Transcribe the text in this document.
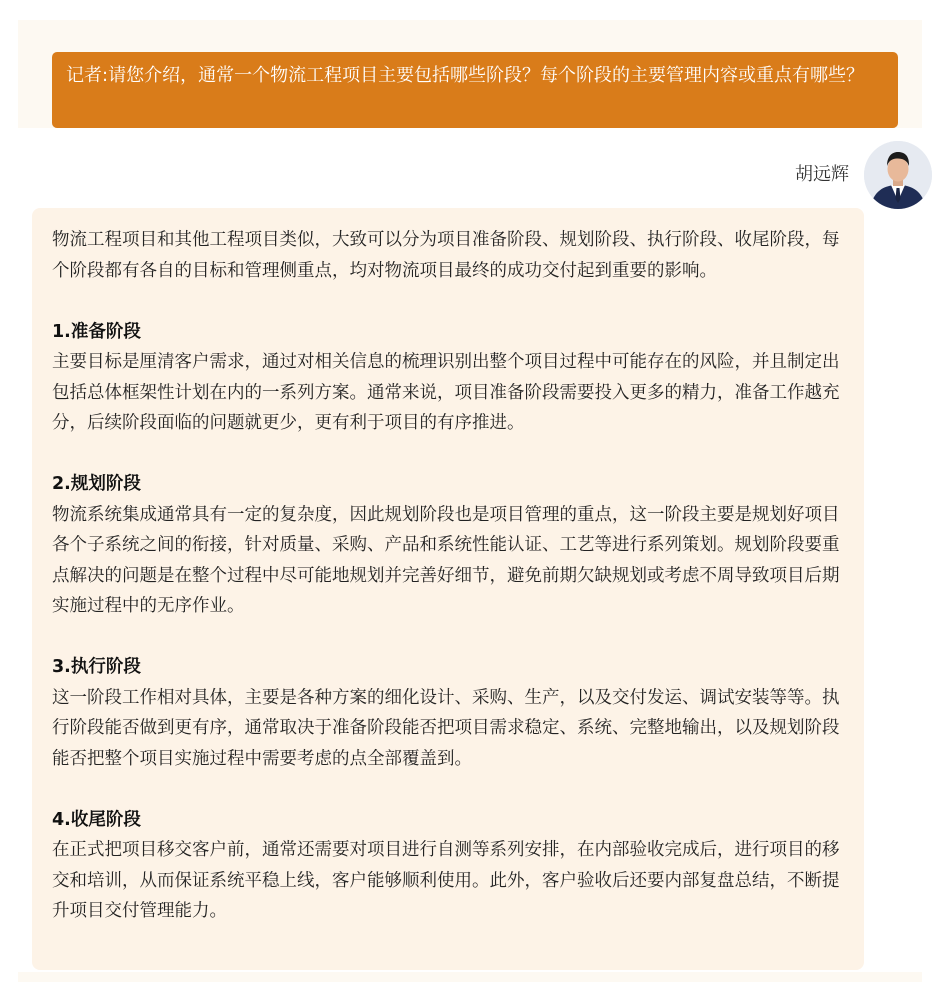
记者:请您介绍，通常一个物流工程项目主要包括哪些阶段？每个阶段的主要管理内容或重点有哪些？
胡远辉

物流工程项目和其他工程项目类似，大致可以分为项目准备阶段、规划阶段、执行阶段、收尾阶段，每个阶段都有各自的目标和管理侧重点，均对物流项目最终的成功交付起到重要的影响。

1.准备阶段

主要目标是厘清客户需求，通过对相关信息的梳理识别出整个项目过程中可能存在的风险，并且制定出包括总体框架性计划在内的一系列方案。通常来说，项目准备阶段需要投入更多的精力，准备工作越充分，后续阶段面临的问题就更少，更有利于项目的有序推进。

2.规划阶段

物流系统集成通常具有一定的复杂度，因此规划阶段也是项目管理的重点，这一阶段主要是规划好项目各个子系统之间的衔接，针对质量、采购、产品和系统性能认证、工艺等进行系列策划。规划阶段要重点解决的问题是在整个过程中尽可能地规划并完善好细节，避免前期欠缺规划或考虑不周导致项目后期实施过程中的无序作业。

3.执行阶段

这一阶段工作相对具体，主要是各种方案的细化设计、采购、生产，以及交付发运、调试安装等等。执行阶段能否做到更有序，通常取决于准备阶段能否把项目需求稳定、系统、完整地输出，以及规划阶段能否把整个项目实施过程中需要考虑的点全部覆盖到。

4.收尾阶段

在正式把项目移交客户前，通常还需要对项目进行自测等系列安排，在内部验收完成后，进行项目的移交和培训，从而保证系统平稳上线，客户能够顺利使用。此外，客户验收后还要内部复盘总结，不断提升项目交付管理能力。
